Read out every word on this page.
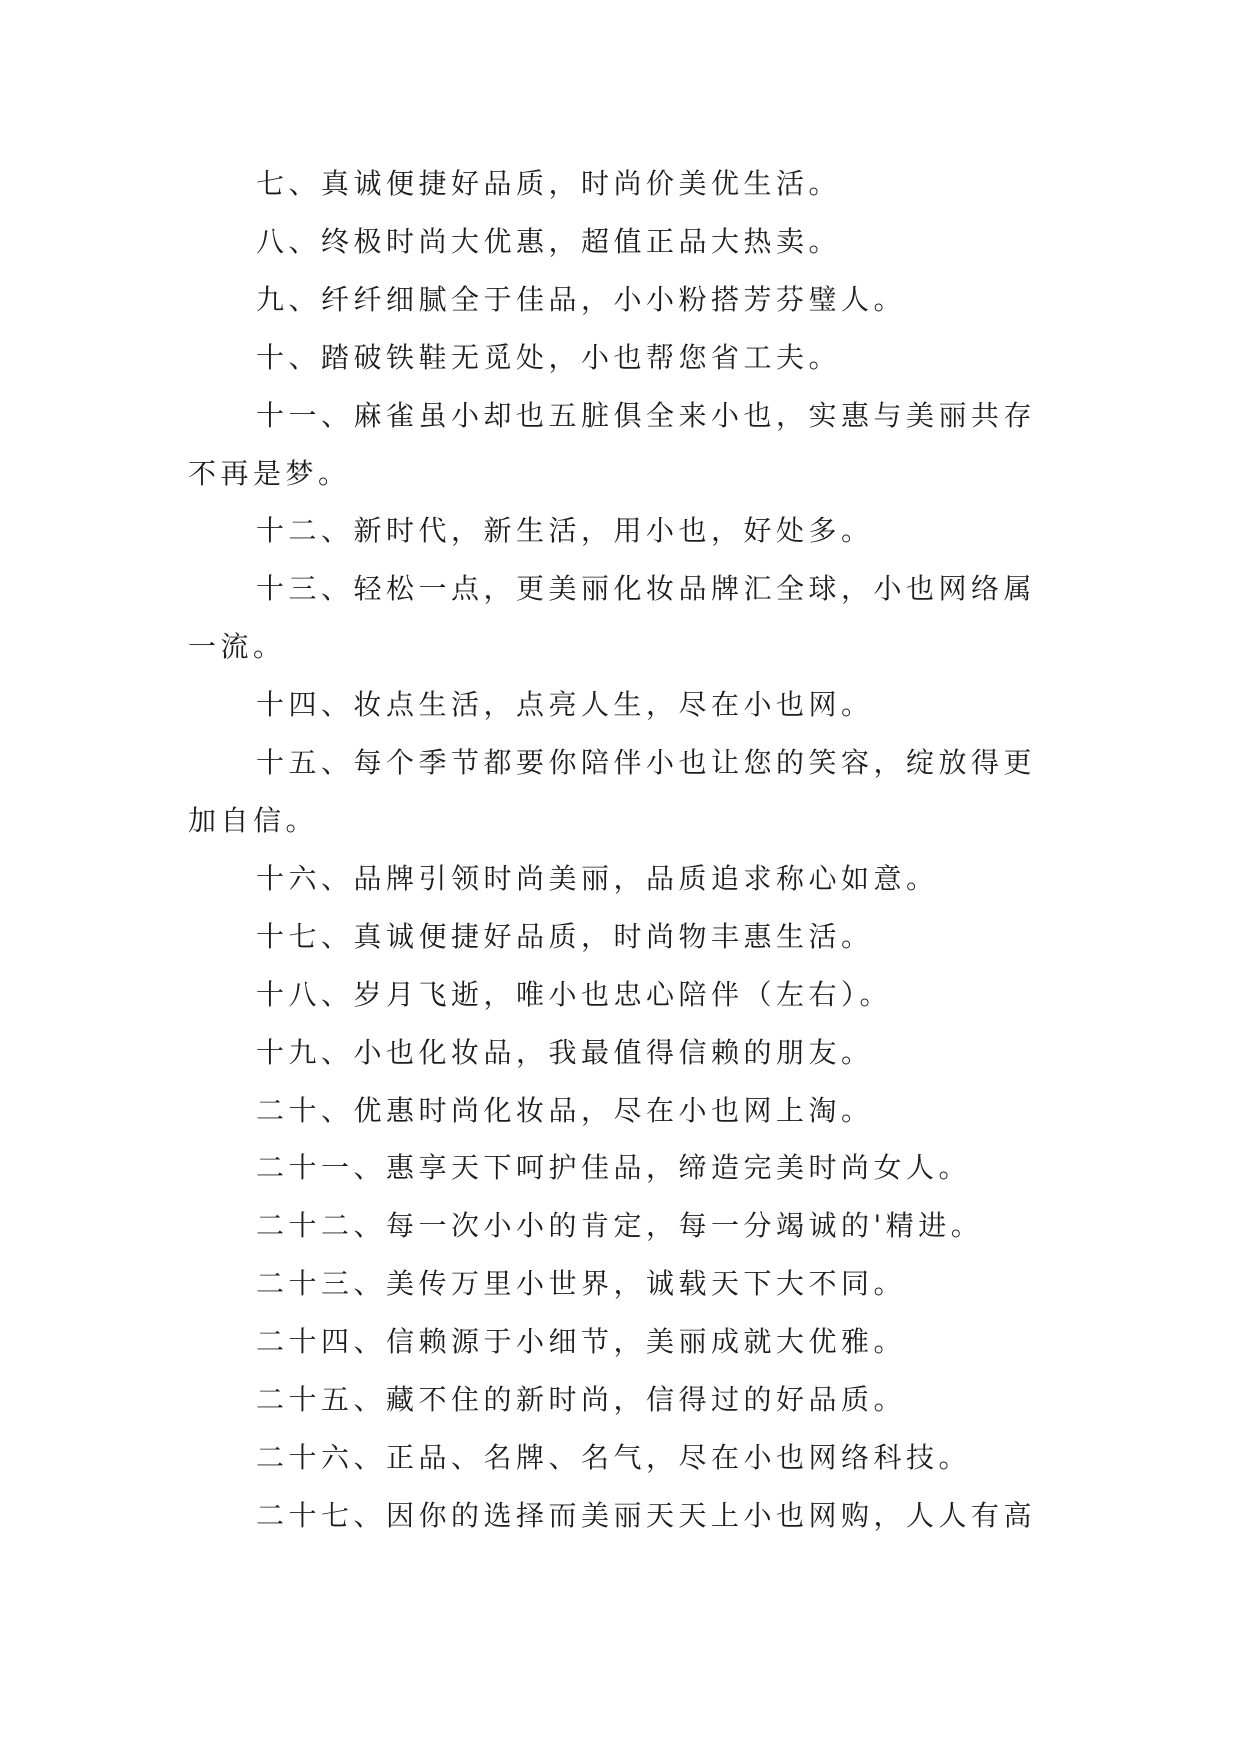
七、真诚便捷好品质，时尚价美优生活。

八、终极时尚大优惠，超值正品大热卖。

九、纤纤细腻全于佳品，小小粉搭芳芬璧人。

十、踏破铁鞋无觅处，小也帮您省工夫。

十一、麻雀虽小却也五脏俱全来小也，实惠与美丽共存不再是梦。

十二、新时代，新生活，用小也，好处多。

十三、轻松一点，更美丽化妆品牌汇全球，小也网络属一流。

十四、妆点生活，点亮人生，尽在小也网。

十五、每个季节都要你陪伴小也让您的笑容，绽放得更加自信。

十六、品牌引领时尚美丽，品质追求称心如意。

十七、真诚便捷好品质，时尚物丰惠生活。

十八、岁月飞逝，唯小也忠心陪伴（左右）。

十九、小也化妆品，我最值得信赖的朋友。

二十、优惠时尚化妆品，尽在小也网上淘。

二十一、惠享天下呵护佳品，缔造完美时尚女人。

二十二、每一次小小的肯定，每一分竭诚的'精进。

二十三、美传万里小世界，诚载天下大不同。

二十四、信赖源于小细节，美丽成就大优雅。

二十五、藏不住的新时尚，信得过的好品质。

二十六、正品、名牌、名气，尽在小也网络科技。

二十七、因你的选择而美丽天天上小也网购，人人有高
